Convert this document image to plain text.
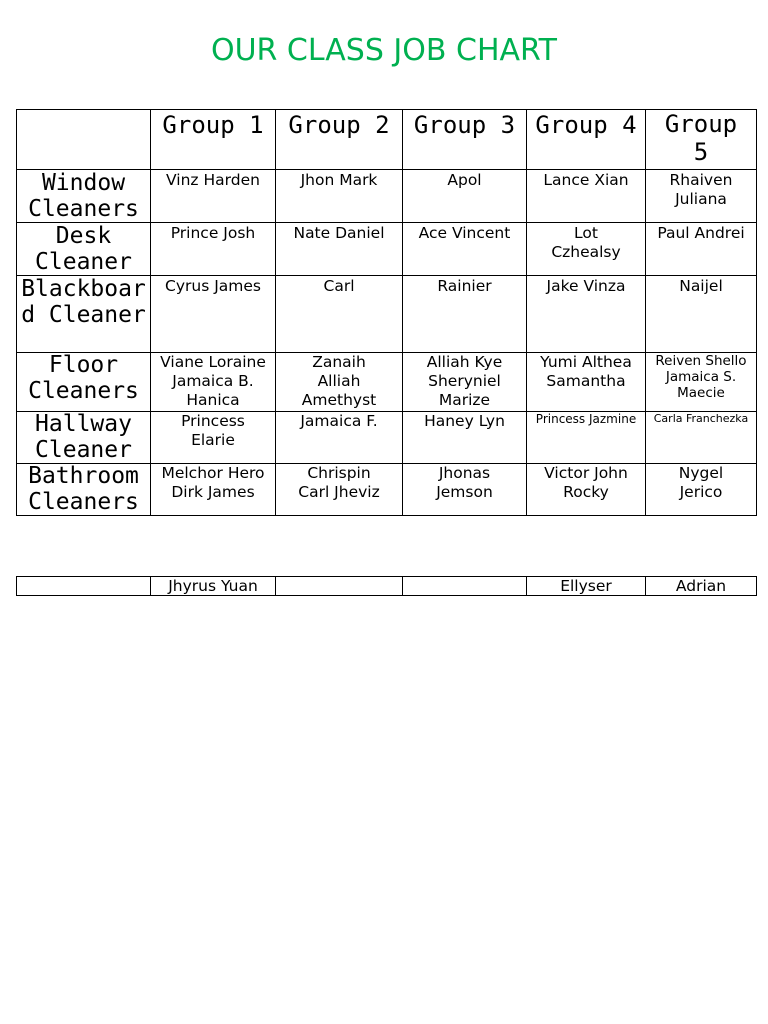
OUR CLASS JOB CHART
	Group 1	Group 2	Group 3	Group 4	Group 5
Window Cleaners	Vinz Harden	Jhon Mark	Apol	Lance Xian	Rhaiven Juliana
Desk Cleaner	Prince Josh	Nate Daniel	Ace Vincent	Lot Czhealsy	Paul Andrei
Blackboard Cleaner	Cyrus James	Carl	Rainier	Jake Vinza	Naijel
Floor Cleaners	Viane Loraine Jamaica B. Hanica	Zanaih Alliah Amethyst	Alliah Kye Sheryniel Marize	Yumi Althea Samantha	Reiven Shello Jamaica S. Maecie
Hallway Cleaner	Princess Elarie	Jamaica F.	Haney Lyn	Princess Jazmine	Carla Franchezka
Bathroom Cleaners	Melchor Hero Dirk James	Chrispin Carl Jheviz	Jhonas Jemson	Victor John Rocky	Nygel Jerico
	Jhyrus Yuan			Ellyser	Adrian
